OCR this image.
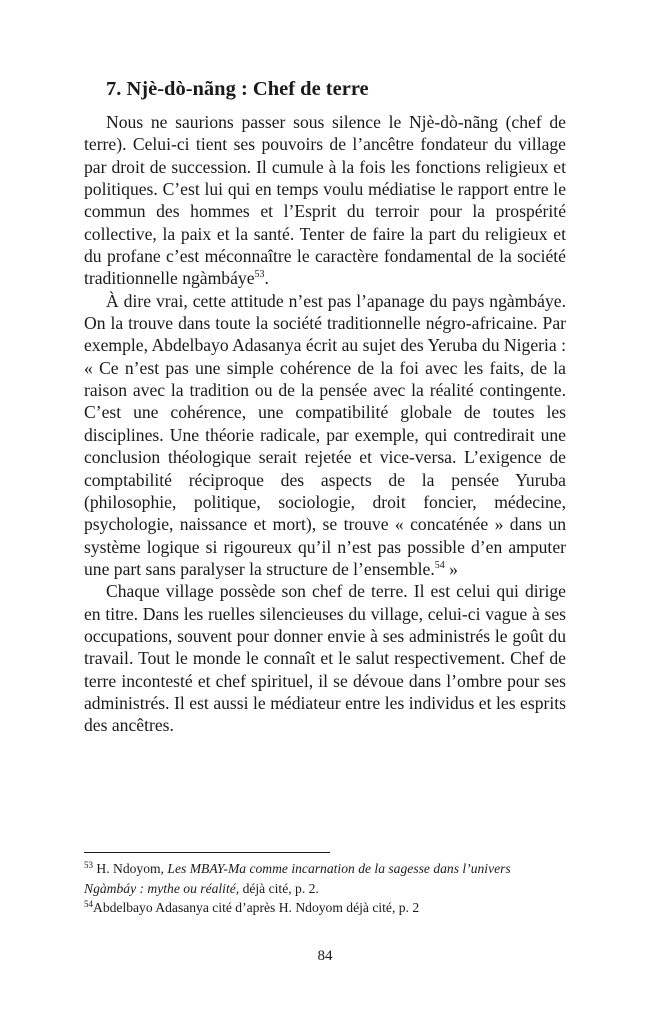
7. Njè-dò-nãng : Chef de terre

Nous ne saurions passer sous silence le Njè-dò-nãng (chef de terre). Celui-ci tient ses pouvoirs de l’ancêtre fondateur du village par droit de succession. Il cumule à la fois les fonctions religieux et politiques. C’est lui qui en temps voulu médiatise le rapport entre le commun des hommes et l’Esprit du terroir pour la prospérité collective, la paix et la santé. Tenter de faire la part du religieux et du profane c’est méconnaître le caractère fondamental de la société traditionnelle ngàmbáye$^{53}$.

À dire vrai, cette attitude n’est pas l’apanage du pays ngàmbáye. On la trouve dans toute la société traditionnelle négro-africaine. Par exemple, Abdelbayo Adasanya écrit au sujet des Yeruba du Nigeria : « Ce n’est pas une simple cohérence de la foi avec les faits, de la raison avec la tradition ou de la pensée avec la réalité contingente. C’est une cohérence, une compatibilité globale de toutes les disciplines. Une théorie radicale, par exemple, qui contredirait une conclusion théologique serait rejetée et vice-versa. L’exigence de comptabilité réciproque des aspects de la pensée Yuruba (philosophie, politique, sociologie, droit foncier, médecine, psychologie, naissance et mort), se trouve « concaténée » dans un système logique si rigoureux qu’il n’est pas possible d’en amputer une part sans paralyser la structure de l’ensemble.$^{54}$ »

Chaque village possède son chef de terre. Il est celui qui dirige en titre. Dans les ruelles silencieuses du village, celui-ci vague à ses occupations, souvent pour donner envie à ses administrés le goût du travail. Tout le monde le connaît et le salut respectivement. Chef de terre incontesté et chef spirituel, il se dévoue dans l’ombre pour ses administrés. Il est aussi le médiateur entre les individus et les esprits des ancêtres.

$^{53}$ H. Ndoyom, Les MBAY-Ma comme incarnation de la sagesse dans l’univers Ngàmbáy : mythe ou réalité, déjà cité, p. 2.

$^{54}$Abdelbayo Adasanya cité d’après H. Ndoyom déjà cité, p. 2

84
